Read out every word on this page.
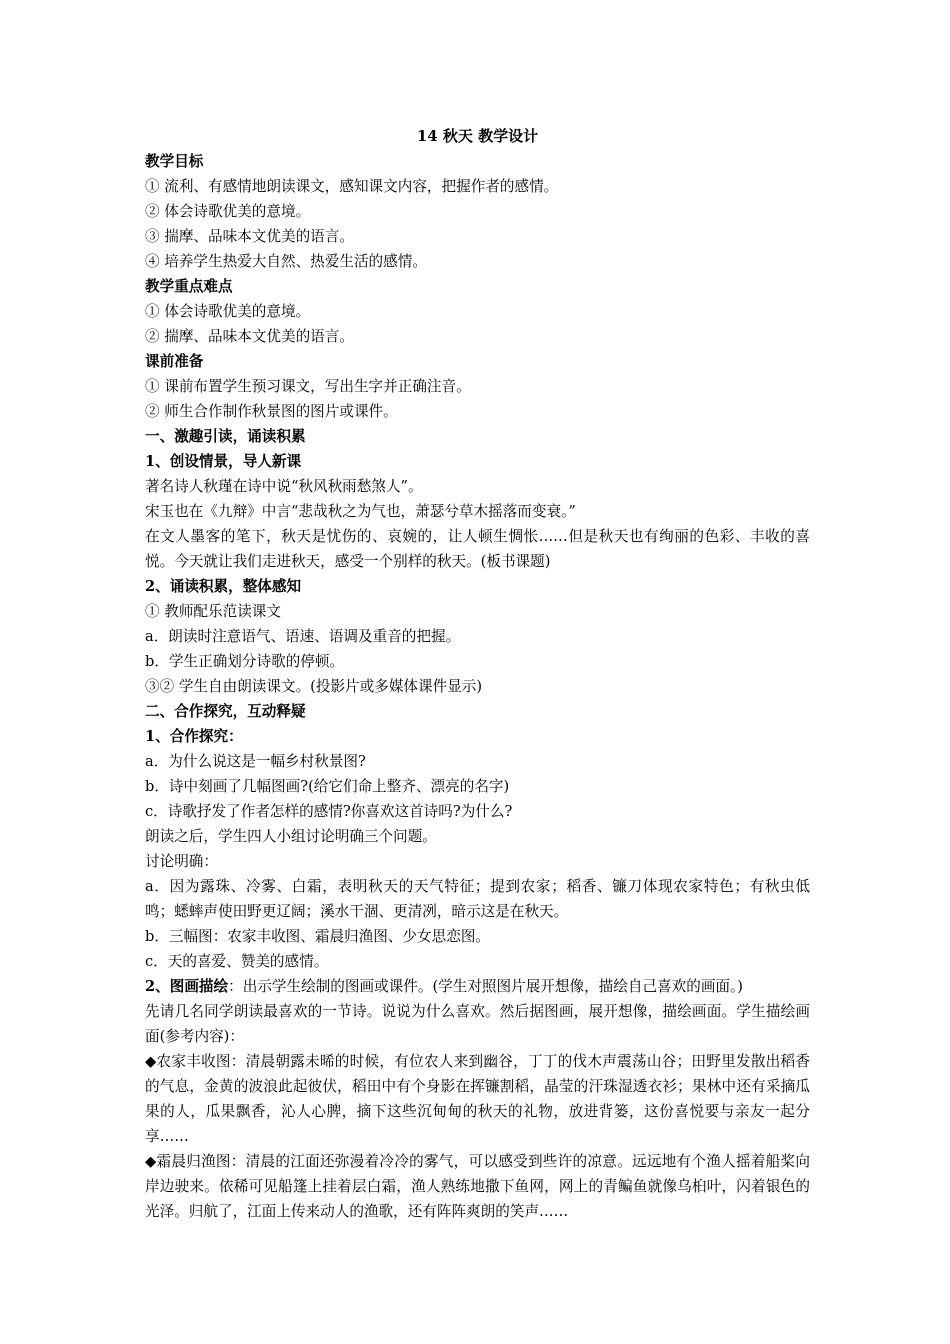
14 秋天 教学设计

教学目标

① 流利、有感情地朗读课文，感知课文内容，把握作者的感情。

② 体会诗歌优美的意境。

③ 揣摩、品味本文优美的语言。

④ 培养学生热爱大自然、热爱生活的感情。

教学重点难点

① 体会诗歌优美的意境。

② 揣摩、品味本文优美的语言。

课前准备

① 课前布置学生预习课文，写出生字并正确注音。

② 师生合作制作秋景图的图片或课件。

一、激趣引读，诵读积累

1、创设情景，导人新课

著名诗人秋瑾在诗中说“秋风秋雨愁煞人”。

宋玉也在《九辩》中言“悲哉秋之为气也，萧瑟兮草木摇落而变衰。”

在文人墨客的笔下，秋天是忧伤的、哀婉的，让人顿生惆怅……但是秋天也有绚丽的色彩、丰收的喜悦。今天就让我们走进秋天，感受一个别样的秋天。(板书课题)

2、诵读积累，整体感知

① 教师配乐范读课文

a．朗读时注意语气、语速、语调及重音的把握。

b．学生正确划分诗歌的停顿。

③② 学生自由朗读课文。(投影片或多媒体课件显示)

二、合作探究，互动释疑

1、合作探究：

a．为什么说这是一幅乡村秋景图?

b．诗中刻画了几幅图画?(给它们命上整齐、漂亮的名字)

c．诗歌抒发了作者怎样的感情?你喜欢这首诗吗?为什么?

朗读之后，学生四人小组讨论明确三个问题。

讨论明确：

a．因为露珠、冷雾、白霜，表明秋天的天气特征；提到农家；稻香、镰刀体现农家特色；有秋虫低鸣；蟋蟀声使田野更辽阔；溪水干涸、更清冽，暗示这是在秋天。

b．三幅图：农家丰收图、霜晨归渔图、少女思恋图。

c．天的喜爱、赞美的感情。

2、图画描绘：出示学生绘制的图画或课件。(学生对照图片展开想像，描绘自己喜欢的画面。)

先请几名同学朗读最喜欢的一节诗。说说为什么喜欢。然后据图画，展开想像，描绘画面。学生描绘画面(参考内容)：

◆农家丰收图：清晨朝露未晞的时候，有位农人来到幽谷，丁丁的伐木声震荡山谷；田野里发散出稻香的气息，金黄的波浪此起彼伏，稻田中有个身影在挥镰割稻，晶莹的汗珠湿透衣衫；果林中还有采摘瓜果的人，瓜果飘香，沁人心脾，摘下这些沉甸甸的秋天的礼物，放进背篓，这份喜悦要与亲友一起分享……

◆霜晨归渔图：清晨的江面还弥漫着冷冷的雾气，可以感受到些许的凉意。远远地有个渔人摇着船桨向岸边驶来。依稀可见船篷上挂着层白霜，渔人熟练地撒下鱼网，网上的青鳊鱼就像乌桕叶，闪着银色的光泽。归航了，江面上传来动人的渔歌，还有阵阵爽朗的笑声……
